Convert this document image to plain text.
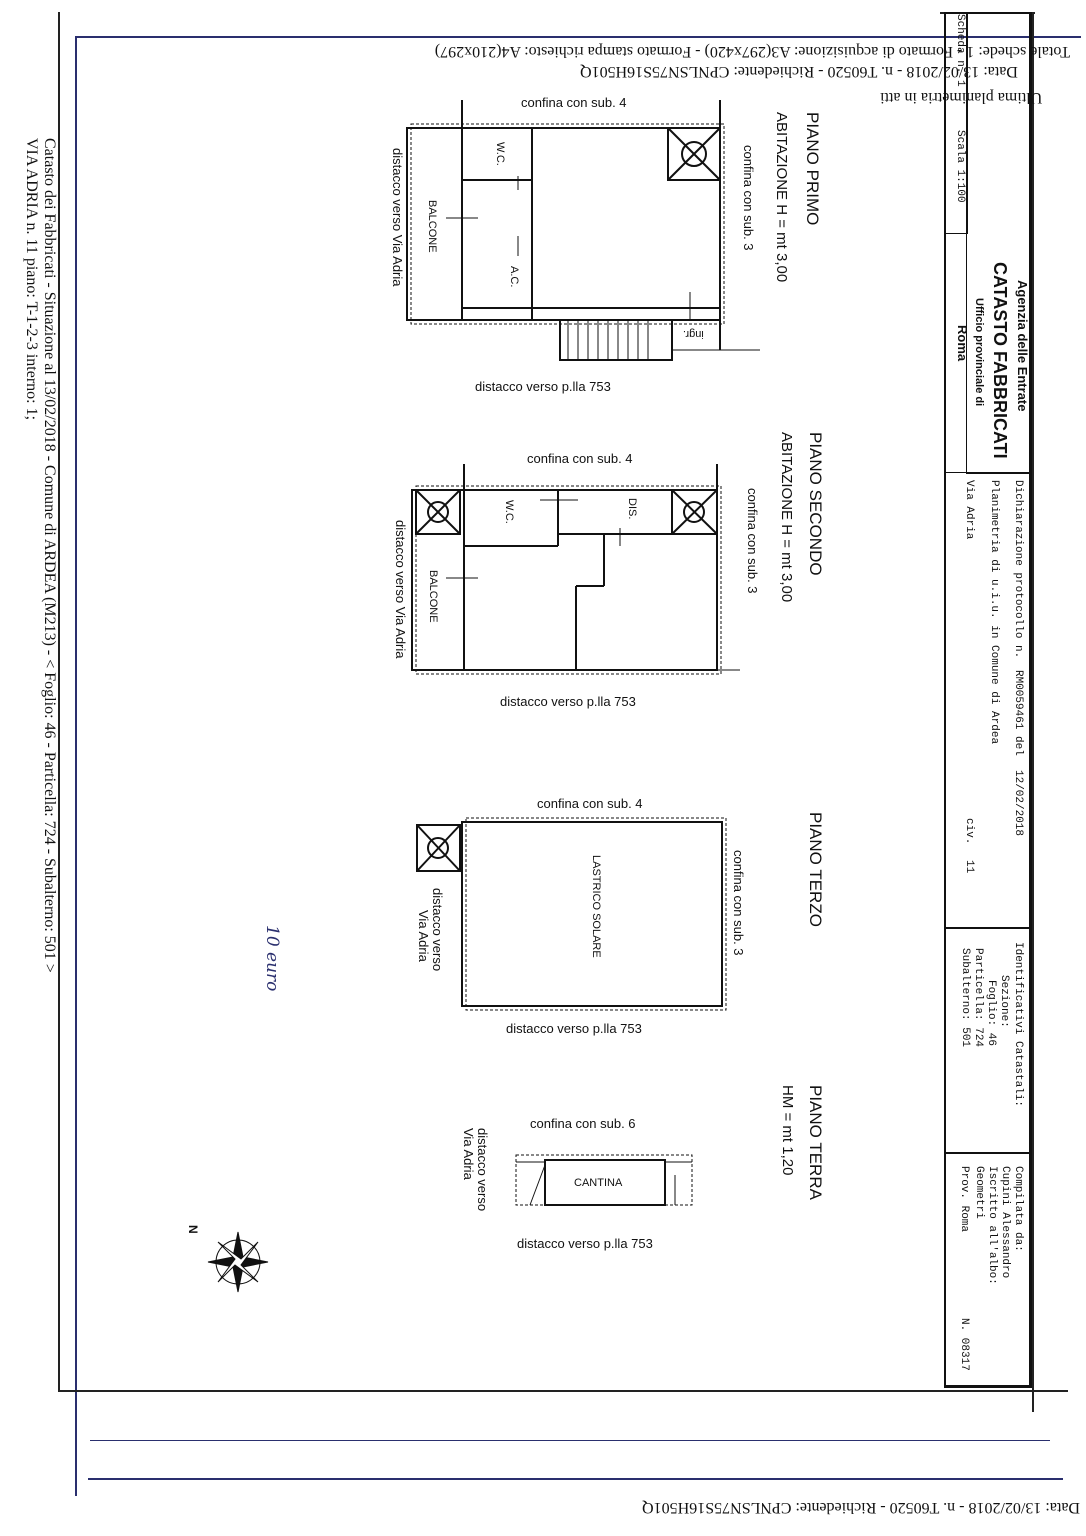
Data: 13/02/2018 - n. T60520 - Richiedente: CPNLSN75S16H501Q
Totale schede: 1 - Formato di acquisizione: A3(297x420) - Formato stampa richiesto: A4(210x297)
Ultima planimetria in atti
Data: 13/02/2018 - n. T60520 - Richiedente: CPNLSN75S16H501Q
Catasto dei Fabbricati - Situazione al 13/02/2018 - Comune di ARDEA (M213) - < Foglio: 46 - Particella: 724 - Subalterno: 501 >
VIA ADRIA n. 11 piano: T-1-2-3 interno: 1;
Scheda n. 1
Scala 1:100
Agenzia delle Entrate
CATASTO FABBRICATI
Ufficio provinciale di
Roma
Dichiarazione protocollo n.
RM0059461
del
12/02/2018
Planimetria di u.i.u. in Comune di Ardea
Via Adria
civ.
11
Identificativi Catastali:
Sezione:
Foglio: 46
Particella: 724
Subalterno: 501
Compilata da:
Cupini Alessandro
Iscritto all'albo:
Geometri
Prov. Roma
N. 08317
10 euro
PIANO PRIMO
ABITAZIONE H = mt 3,00
confina con sub. 4
confina con sub. 3
distacco verso p.lla 753
distacco verso Via Adria	W.C.
BALCONE
A.C.
ingr.
PIANO SECONDO
ABITAZIONE H = mt 3,00
confina con sub. 4
confina con sub. 3
distacco verso p.lla 753
distacco verso Via Adria
W.C.	DIS.
BALCONE
PIANO TERZO
confina con sub. 4
confina con sub. 3
distacco verso p.lla 753
distacco verso
Via Adria	LASTRICO SOLARE
PIANO TERRA
HM = mt 1,20
confina con sub. 6
distacco verso p.lla 753
distacco verso
Via Adria
CANTINA
N
